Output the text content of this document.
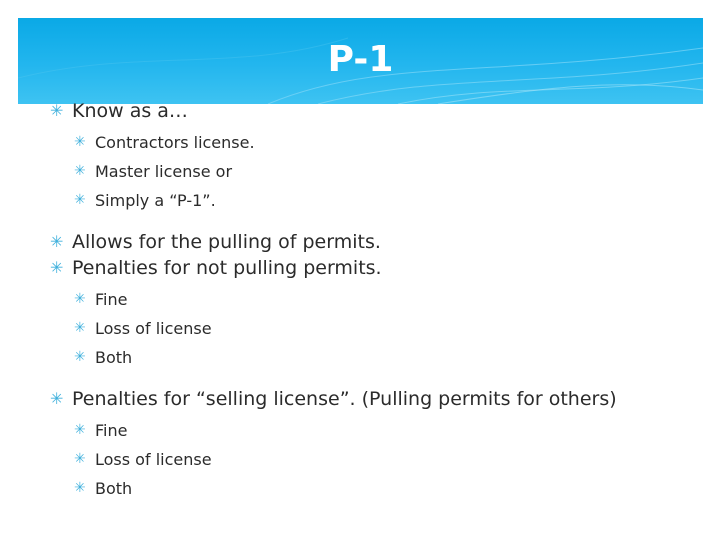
P-1
✳ Know as a…
✳ Contractors license.
✳ Master license or
✳ Simply a “P-1”.
✳ Allows for the pulling of permits.
✳ Penalties for not pulling permits.
✳ Fine
✳ Loss of license
✳ Both
✳ Penalties for “selling license”. (Pulling permits for others)
✳ Fine
✳ Loss of license
✳ Both
